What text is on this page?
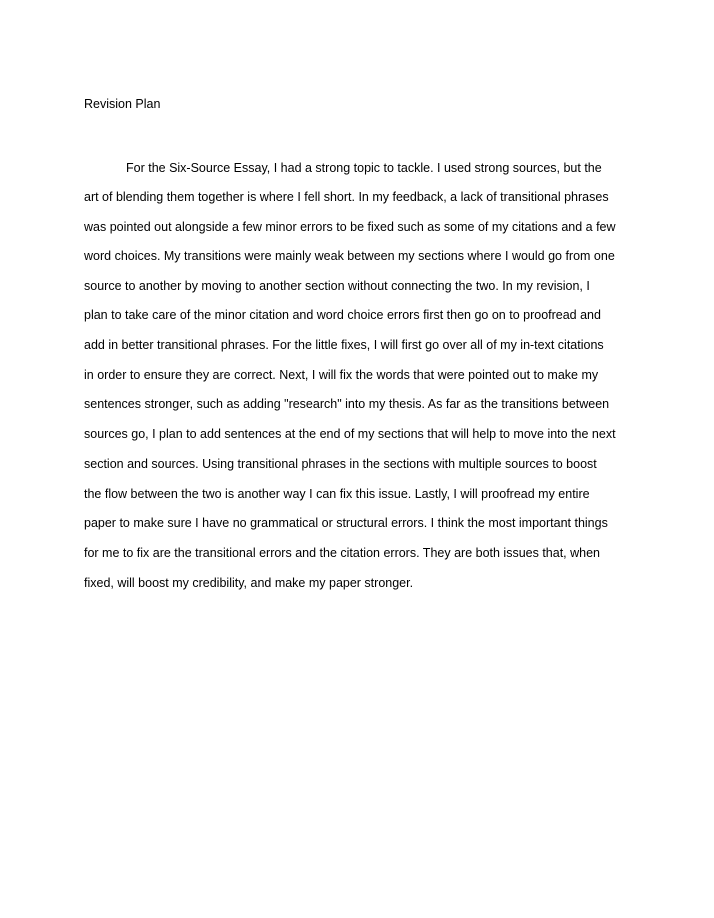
Revision Plan
For the Six-Source Essay, I had a strong topic to tackle. I used strong sources, but the
art of blending them together is where I fell short. In my feedback, a lack of transitional phrases
was pointed out alongside a few minor errors to be fixed such as some of my citations and a few
word choices. My transitions were mainly weak between my sections where I would go from one
source to another by moving to another section without connecting the two. In my revision, I
plan to take care of the minor citation and word choice errors first then go on to proofread and
add in better transitional phrases. For the little fixes, I will first go over all of my in-text citations
in order to ensure they are correct. Next, I will fix the words that were pointed out to make my
sentences stronger, such as adding "research" into my thesis. As far as the transitions between
sources go, I plan to add sentences at the end of my sections that will help to move into the next
section and sources. Using transitional phrases in the sections with multiple sources to boost
the flow between the two is another way I can fix this issue. Lastly, I will proofread my entire
paper to make sure I have no grammatical or structural errors. I think the most important things
for me to fix are the transitional errors and the citation errors. They are both issues that, when
fixed, will boost my credibility, and make my paper stronger.
